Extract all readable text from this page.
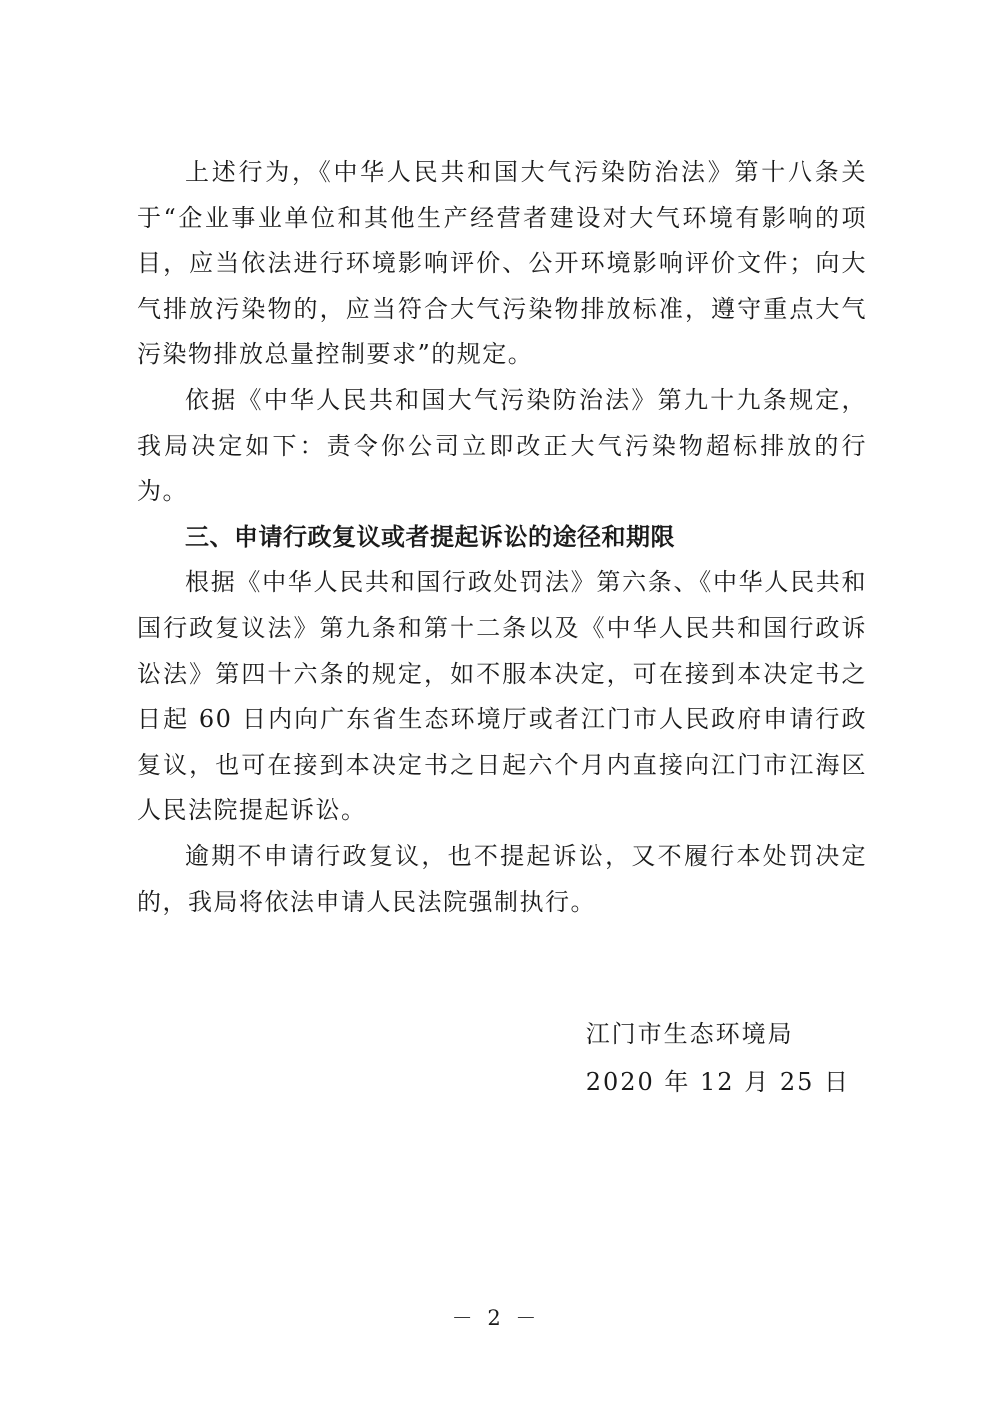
上述行为，《中华人民共和国大气污染防治法》第十八条关于“企业事业单位和其他生产经营者建设对大气环境有影响的项目，应当依法进行环境影响评价、公开环境影响评价文件；向大气排放污染物的，应当符合大气污染物排放标准，遵守重点大气污染物排放总量控制要求”的规定。

依据《中华人民共和国大气污染防治法》第九十九条规定，我局决定如下：责令你公司立即改正大气污染物超标排放的行为。

三、申请行政复议或者提起诉讼的途径和期限

根据《中华人民共和国行政处罚法》第六条、《中华人民共和国行政复议法》第九条和第十二条以及《中华人民共和国行政诉讼法》第四十六条的规定，如不服本决定，可在接到本决定书之日起 60 日内向广东省生态环境厅或者江门市人民政府申请行政复议，也可在接到本决定书之日起六个月内直接向江门市江海区人民法院提起诉讼。

逾期不申请行政复议，也不提起诉讼，又不履行本处罚决定的，我局将依法申请人民法院强制执行。

江门市生态环境局
2020 年 12 月 25 日
－ 2 －
